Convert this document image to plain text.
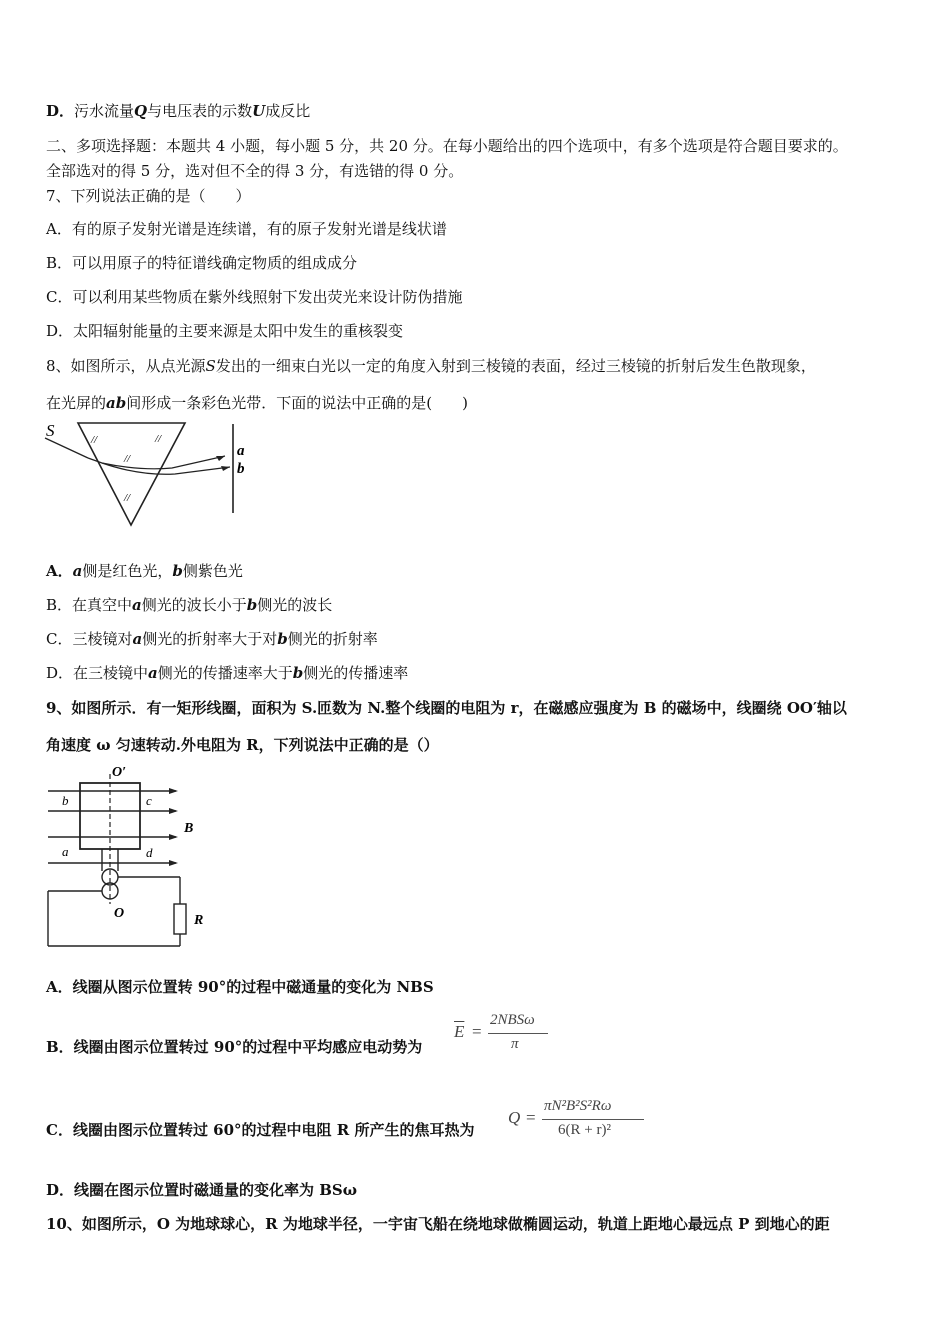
D．污水流量Q与电压表的示数U成反比
二、多项选择题：本题共 4 小题，每小题 5 分，共 20 分。在每小题给出的四个选项中，有多个选项是符合题目要求的。
全部选对的得 5 分，选对但不全的得 3 分，有选错的得 0 分。
7、下列说法正确的是（　　）
A．有的原子发射光谱是连续谱，有的原子发射光谱是线状谱
B．可以用原子的特征谱线确定物质的组成成分
C．可以利用某些物质在紫外线照射下发出荧光来设计防伪措施
D．太阳辐射能量的主要来源是太阳中发生的重核裂变
8、如图所示，从点光源S发出的一细束白光以一定的角度入射到三棱镜的表面，经过三棱镜的折射后发生色散现象，
在光屏的ab间形成一条彩色光带．下面的说法中正确的是(　　)
S
a
b
//	//
//
//
A．a侧是红色光，b侧紫色光
B．在真空中a侧光的波长小于b侧光的波长
C．三棱镜对a侧光的折射率大于对b侧光的折射率
D．在三棱镜中a侧光的传播速率大于b侧光的传播速率
9、如图所示．有一矩形线圈，面积为 S.匝数为 N.整个线圈的电阻为 r，在磁感应强度为 B 的磁场中，线圈绕 OO′轴以
角速度 ω 匀速转动.外电阻为 R，下列说法中正确的是（）
O′
O
B
R
b	c
a	d
A．线圈从图示位置转 90°的过程中磁通量的变化为 NBS
B．线圈由图示位置转过 90°的过程中平均感应电动势为
$\overline{E}$ =
2NBSω
π
C．线圈由图示位置转过 60°的过程中电阻 R 所产生的焦耳热为
Q =
πN²B²S²Rω
6(R + r)²
D．线圈在图示位置时磁通量的变化率为 BSω
10、如图所示，O 为地球球心，R 为地球半径，一宇宙飞船在绕地球做椭圆运动，轨道上距地心最远点 P 到地心的距
